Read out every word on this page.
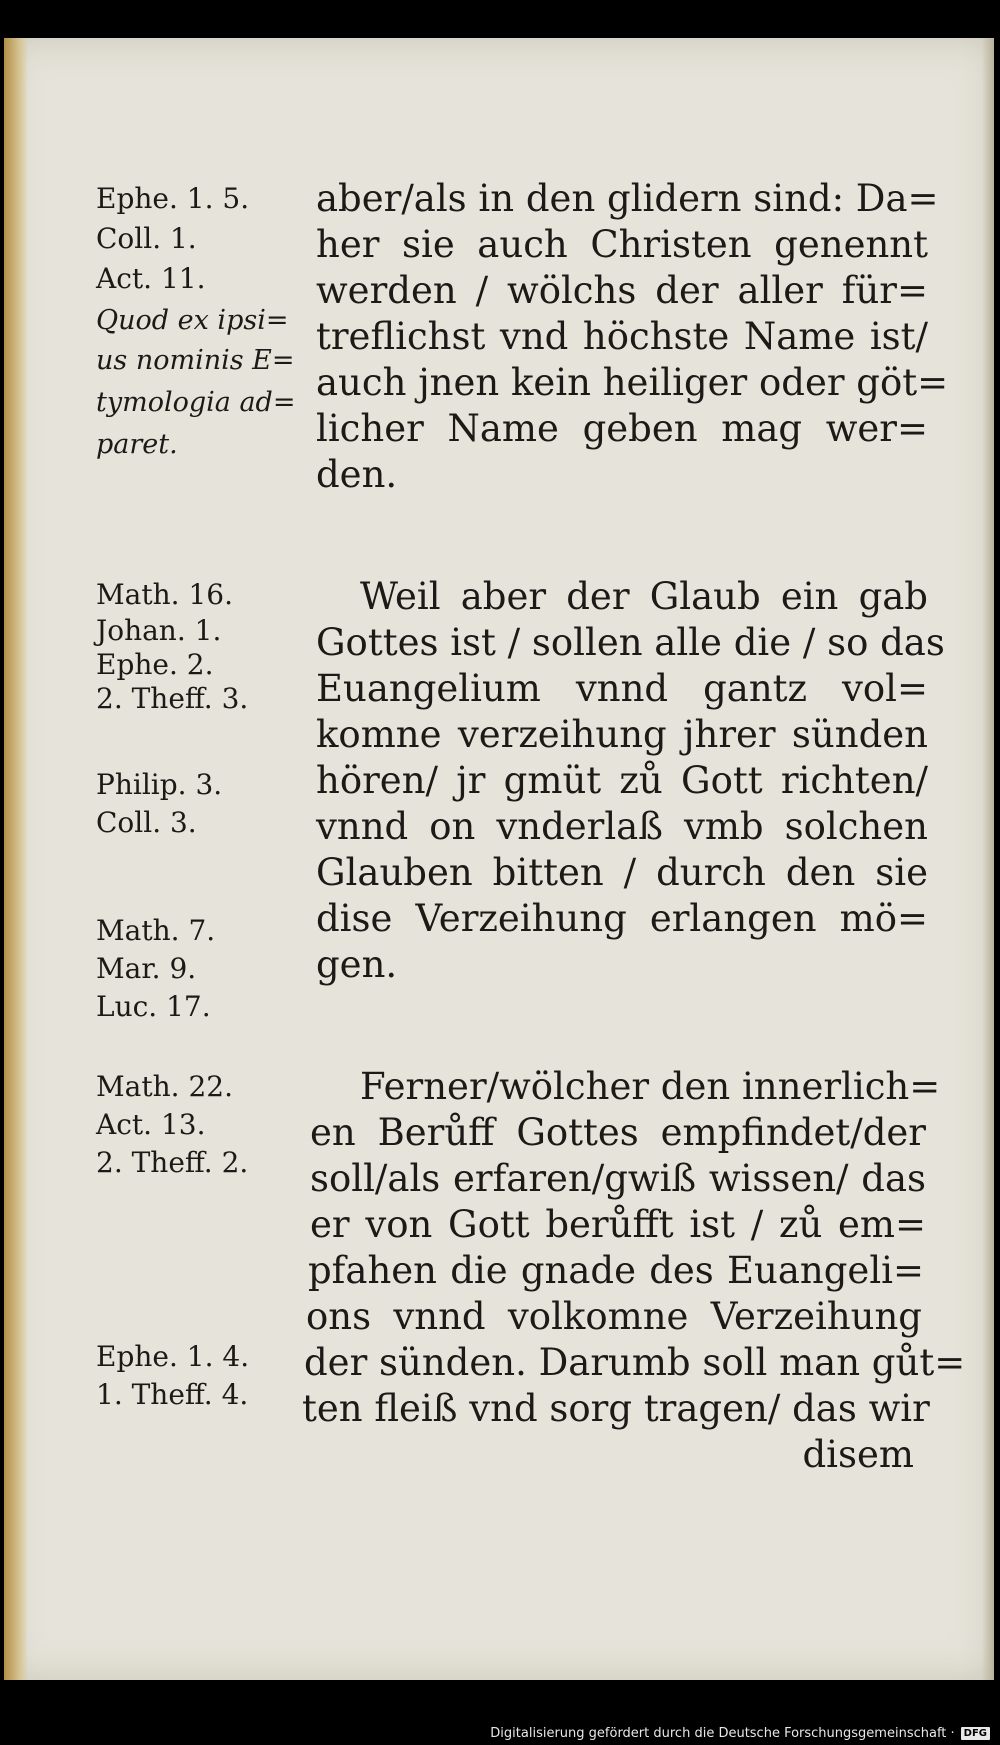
Ephe. 1. 5.
Coll. 1.
Act. 11.
Quod ex ipsi=
us nominis E=
tymologia ad=
paret.
Math. 16.
Johan. 1.
Ephe. 2.
2. Theff. 3.
Philip. 3.
Coll. 3.
Math. 7.
Mar. 9.
Luc. 17.
Math. 22.
Act. 13.
2. Theff. 2.
Ephe. 1. 4.
1. Theff. 4.
aber/als in den glidern sind: Da=
her sie auch Christen genennt
werden / wölchs der aller für=
treflichst vnd höchste Name ist/
auch jnen kein heiliger oder göt=
licher Name geben mag wer=
den.
Weil aber der Glaub ein gab
Gottes ist / sollen alle die / so das
Euangelium vnnd gantz vol=
komne verzeihung jhrer sünden
hören/ jr gmüt zů Gott richten/
vnnd on vnderlaß vmb solchen
Glauben bitten / durch den sie
dise Verzeihung erlangen mö=
gen.
Ferner/wölcher den innerlich=
en Berůff Gottes empfindet/der
soll/als erfaren/gwiß wissen/ das
er von Gott berůfft ist / zů em=
pfahen die gnade des Euangeli=
ons vnnd volkomne Verzeihung
der sünden. Darumb soll man gůt=
ten fleiß vnd sorg tragen/ das wir
disem
Digitalisierung gefördert durch die Deutsche Forschungsgemeinschaft · DFG
